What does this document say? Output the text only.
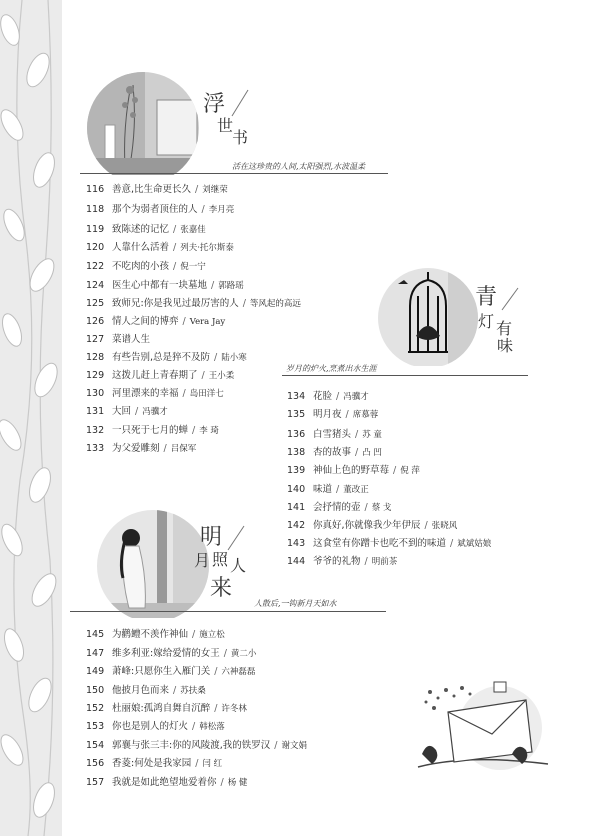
浮
世
书
活在这珍贵的人间,太阳强烈,水波温柔
116 善意,比生命更长久 / 刘继荣
118 那个为弱者顶住的人 / 李月亮
119 致陈述的记忆 / 张嘉佳
120 人靠什么活着 / 列夫·托尔斯泰
122 不吃肉的小孩 / 倪一宁
124 医生心中都有一块墓地 / 郭路瑶
125 致师兄:你是我见过最厉害的人 / 等风起的高远
126 情人之间的博弈 / Vera Jay
127 菜谱人生
128 有些告别,总是猝不及防 / 陆小寒
129 这拨儿赶上青春期了 / 王小柔
130 河里漂来的幸福 / 岛田洋七
131 大回 / 冯骥才
132 一只死于七月的蝉 / 李 琦
133 为父爱雕刻 / 吕保军
青
灯 有
味
岁月的炉火,烹煮出水生涯
134 花脸 / 冯骥才
135 明月夜 / 席慕蓉
136 白雪猪头 / 苏 童
138 杏的故事 / 凸 凹
139 神仙上色的野草莓 / 倪 萍
140 味道 / 董改正
141 会抒情的壶 / 蔡 戈
142 你真好,你就像我少年伊辰 / 张晓风
143 这食堂有你蹭卡也吃不到的味道 / 斌斌姑娘
144 爷爷的礼物 / 明前茶
明
月 照 人
来
人散后,一钩新月天如水
145 为鹳鳢不羡作神仙 / 施立松
147 维多利亚:嫁给爱情的女王 / 黄二小
149 萧峰:只愿你生入雁门关 / 六神磊磊
150 他披月色而来 / 苏扶桑
152 杜丽娘:孤鸿自舞自沉醉 / 许冬林
153 你也是别人的灯火 / 韩松落
154 郭襄与张三丰:你的风陵渡,我的铁罗汉 / 谢文娟
156 香菱:何处是我家园 / 闫 红
157 我就是如此绝望地爱着你 / 杨 健
